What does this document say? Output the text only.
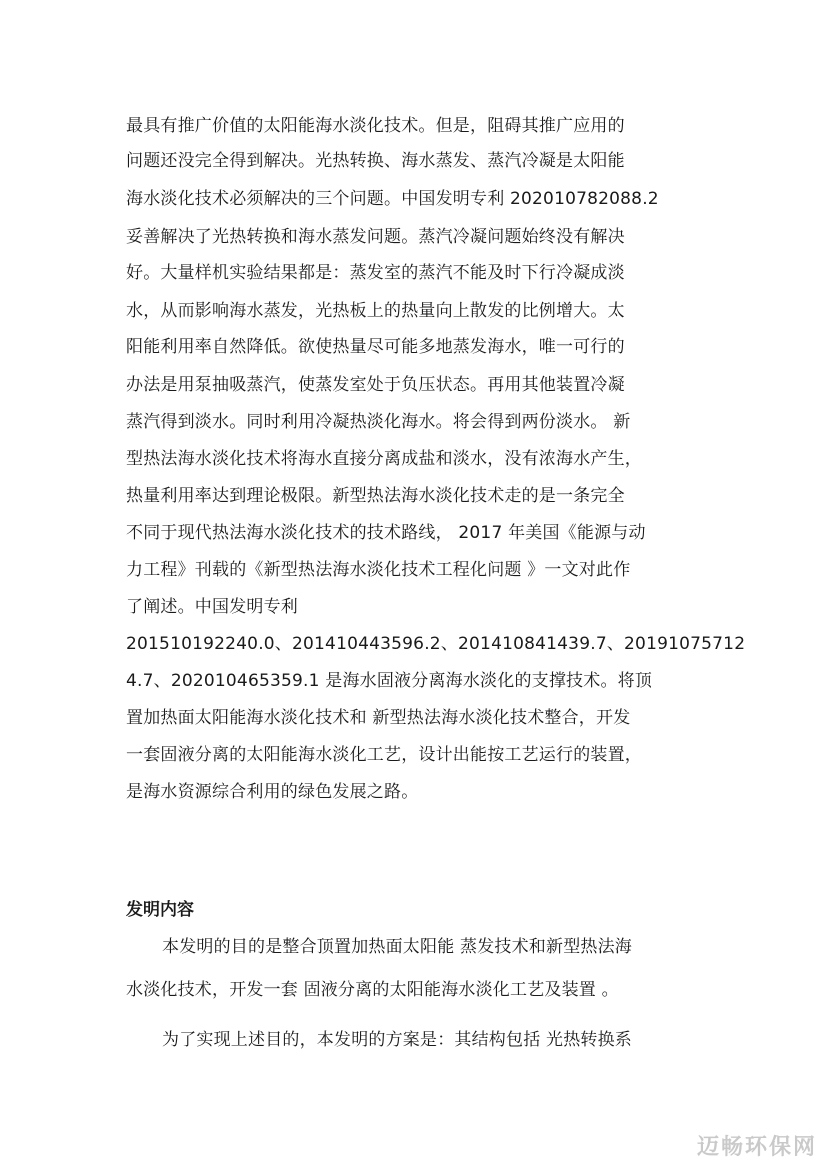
最具有推广价值的太阳能海水淡化技术。但是，阻碍其推广应用的
问题还没完全得到解决。光热转换、海水蒸发、蒸汽冷凝是太阳能
海水淡化技术必须解决的三个问题。中国发明专利 202010782088.2
妥善解决了光热转换和海水蒸发问题。蒸汽冷凝问题始终没有解决
好。大量样机实验结果都是：蒸发室的蒸汽不能及时下行冷凝成淡
水，从而影响海水蒸发，光热板上的热量向上散发的比例增大。太
阳能利用率自然降低。欲使热量尽可能多地蒸发海水，唯一可行的
办法是用泵抽吸蒸汽，使蒸发室处于负压状态。再用其他装置冷凝
蒸汽得到淡水。同时利用冷凝热淡化海水。将会得到两份淡水。 新
型热法海水淡化技术将海水直接分离成盐和淡水，没有浓海水产生，
热量利用率达到理论极限。新型热法海水淡化技术走的是一条完全
不同于现代热法海水淡化技术的技术路线， 2017 年美国《能源与动
力工程》刊载的《新型热法海水淡化技术工程化问题 》一文对此作
了阐述。中国发明专利
201510192240.0、201410443596.2、201410841439.7、20191075712
4.7、202010465359.1 是海水固液分离海水淡化的支撑技术。将顶
置加热面太阳能海水淡化技术和 新型热法海水淡化技术整合，开发
一套固液分离的太阳能海水淡化工艺，设计出能按工艺运行的装置，
是海水资源综合利用的绿色发展之路。
发明内容
本发明的目的是整合顶置加热面太阳能 蒸发技术和新型热法海
水淡化技术，开发一套 固液分离的太阳能海水淡化工艺及装置 。
为了实现上述目的，本发明的方案是：其结构包括 光热转换系
迈畅环保网
